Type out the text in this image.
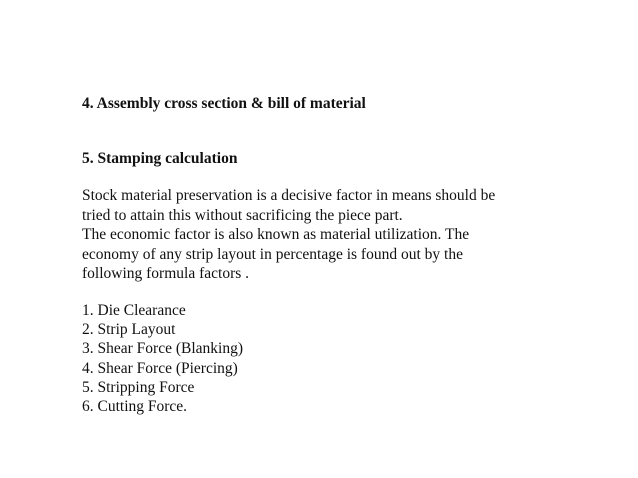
4. Assembly cross section & bill of material
5. Stamping calculation
Stock material preservation is a decisive factor in means should be
tried to attain this without sacrificing the piece part.
The economic factor is also known as material utilization. The
economy of any strip layout in percentage is found out by the
following formula factors .
1. Die Clearance
2. Strip Layout
3. Shear Force (Blanking)
4. Shear Force (Piercing)
5. Stripping Force
6. Cutting Force.
